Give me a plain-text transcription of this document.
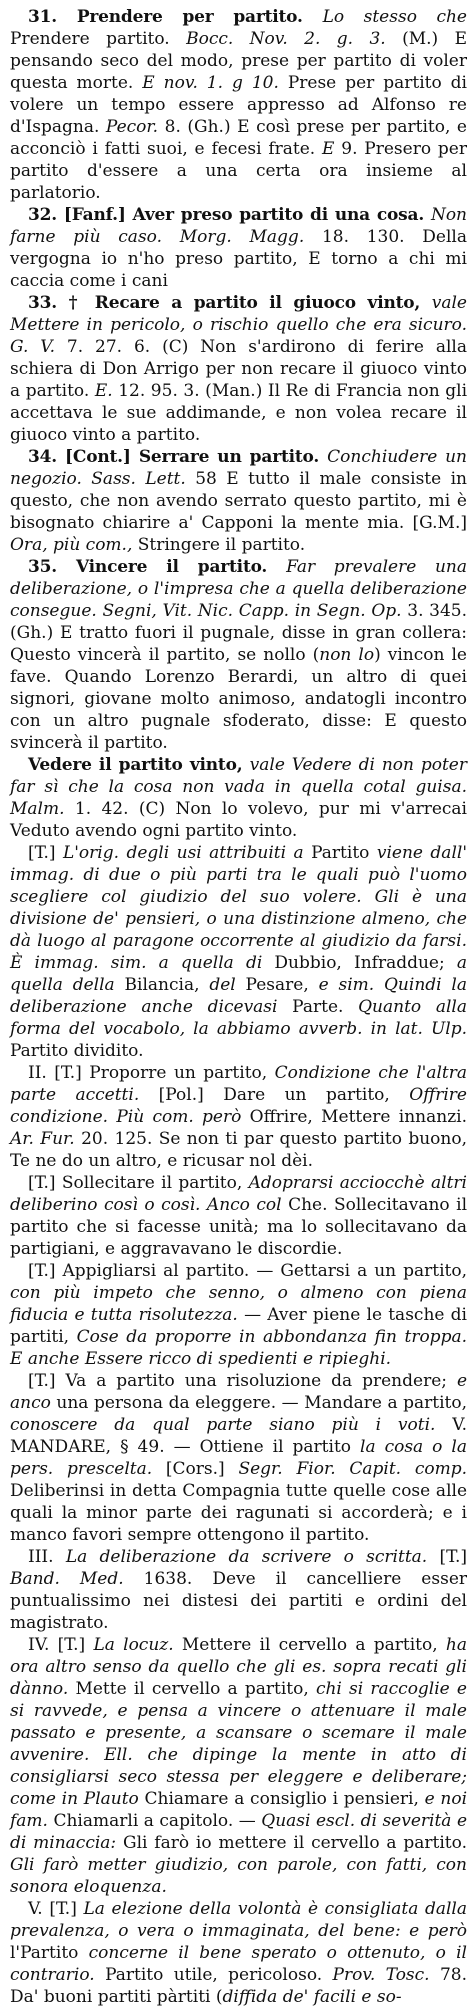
31. Prendere per partito. Lo stesso che Prendere partito. Bocc. Nov. 2. g. 3. (M.) E pensando seco del modo, prese per partito di voler questa morte. E nov. 1. g 10. Prese per partito di volere un tempo essere appresso ad Alfonso re d'Ispagna. Pecor. 8. (Gh.) E così prese per partito, e acconciò i fatti suoi, e fecesi frate. E 9. Presero per partito d'essere a una certa ora insieme al parlatorio.

32. [Fanf.] Aver preso partito di una cosa. Non farne più caso. Morg. Magg. 18. 130. Della vergogna io n'ho preso partito, E torno a chi mi caccia come i cani

33. † Recare a partito il giuoco vinto, vale Mettere in pericolo, o rischio quello che era sicuro. G. V. 7. 27. 6. (C) Non s'ardirono di ferire alla schiera di Don Arrigo per non recare il giuoco vinto a partito. E. 12. 95. 3. (Man.) Il Re di Francia non gli accettava le sue addimande, e non volea recare il giuoco vinto a partito.

34. [Cont.] Serrare un partito. Conchiudere un negozio. Sass. Lett. 58 E tutto il male consiste in questo, che non avendo serrato questo partito, mi è bisognato chiarire a' Capponi la mente mia. [G.M.] Ora, più com., Stringere il partito.

35. Vincere il partito. Far prevalere una deliberazione, o l'impresa che a quella deliberazione consegue. Segni, Vit. Nic. Capp. in Segn. Op. 3. 345. (Gh.) E tratto fuori il pugnale, disse in gran collera: Questo vincerà il partito, se nollo (non lo) vincon le fave. Quando Lorenzo Berardi, un altro di quei signori, giovane molto animoso, andatogli incontro con un altro pugnale sfoderato, disse: E questo svincerà il partito.

Vedere il partito vinto, vale Vedere di non poter far sì che la cosa non vada in quella cotal guisa. Malm. 1. 42. (C) Non lo volevo, pur mi v'arrecai Veduto avendo ogni partito vinto.

[T.] L'orig. degli usi attribuiti a Partito viene dall' immag. di due o più parti tra le quali può l'uomo scegliere col giudizio del suo volere. Gli è una divisione de' pensieri, o una distinzione almeno, che dà luogo al paragone occorrente al giudizio da farsi. È immag. sim. a quella di Dubbio, Infraddue; a quella della Bilancia, del Pesare, e sim. Quindi la deliberazione anche dicevasi Parte. Quanto alla forma del vocabolo, la abbiamo avverb. in lat. Ulp. Partito dividito.

II. [T.] Proporre un partito, Condizione che l'altra parte accetti. [Pol.] Dare un partito, Offrire condizione. Più com. però Offrire, Mettere innanzi. Ar. Fur. 20. 125. Se non ti par questo partito buono, Te ne do un altro, e ricusar nol dèi.

[T.] Sollecitare il partito, Adoprarsi acciocchè altri deliberino così o così. Anco col Che. Sollecitavano il partito che si facesse unità; ma lo sollecitavano da partigiani, e aggravavano le discordie.

[T.] Appigliarsi al partito. — Gettarsi a un partito, con più impeto che senno, o almeno con piena fiducia e tutta risolutezza. — Aver piene le tasche di partiti, Cose da proporre in abbondanza fin troppa. E anche Essere ricco di spedienti e ripieghi.

[T.] Va a partito una risoluzione da prendere; e anco una persona da eleggere. — Mandare a partito, conoscere da qual parte siano più i voti. V. MANDARE, § 49. — Ottiene il partito la cosa o la pers. prescelta. [Cors.] Segr. Fior. Capit. comp. Deliberinsi in detta Compagnia tutte quelle cose alle quali la minor parte dei ragunati si accorderà; e i manco favori sempre ottengono il partito.

III. La deliberazione da scrivere o scritta. [T.] Band. Med. 1638. Deve il cancelliere esser puntualissimo nei distesi dei partiti e ordini del magistrato.

IV. [T.] La locuz. Mettere il cervello a partito, ha ora altro senso da quello che gli es. sopra recati gli dànno. Mette il cervello a partito, chi si raccoglie e si ravvede, e pensa a vincere o attenuare il male passato e presente, a scansare o scemare il male avvenire. Ell. che dipinge la mente in atto di consigliarsi seco stessa per eleggere e deliberare; come in Plauto Chiamare a consiglio i pensieri, e noi fam. Chiamarli a capitolo. — Quasi escl. di severità e di minaccia: Gli farò io mettere il cervello a partito. Gli farò metter giudizio, con parole, con fatti, con sonora eloquenza.

V. [T.] La elezione della volontà è consigliata dalla prevalenza, o vera o immaginata, del bene: e però l'Partito concerne il bene sperato o ottenuto, o il contrario. Partito utile, pericoloso. Prov. Tosc. 78. Da' buoni partiti pàrtiti (diffida de' facili e so-
